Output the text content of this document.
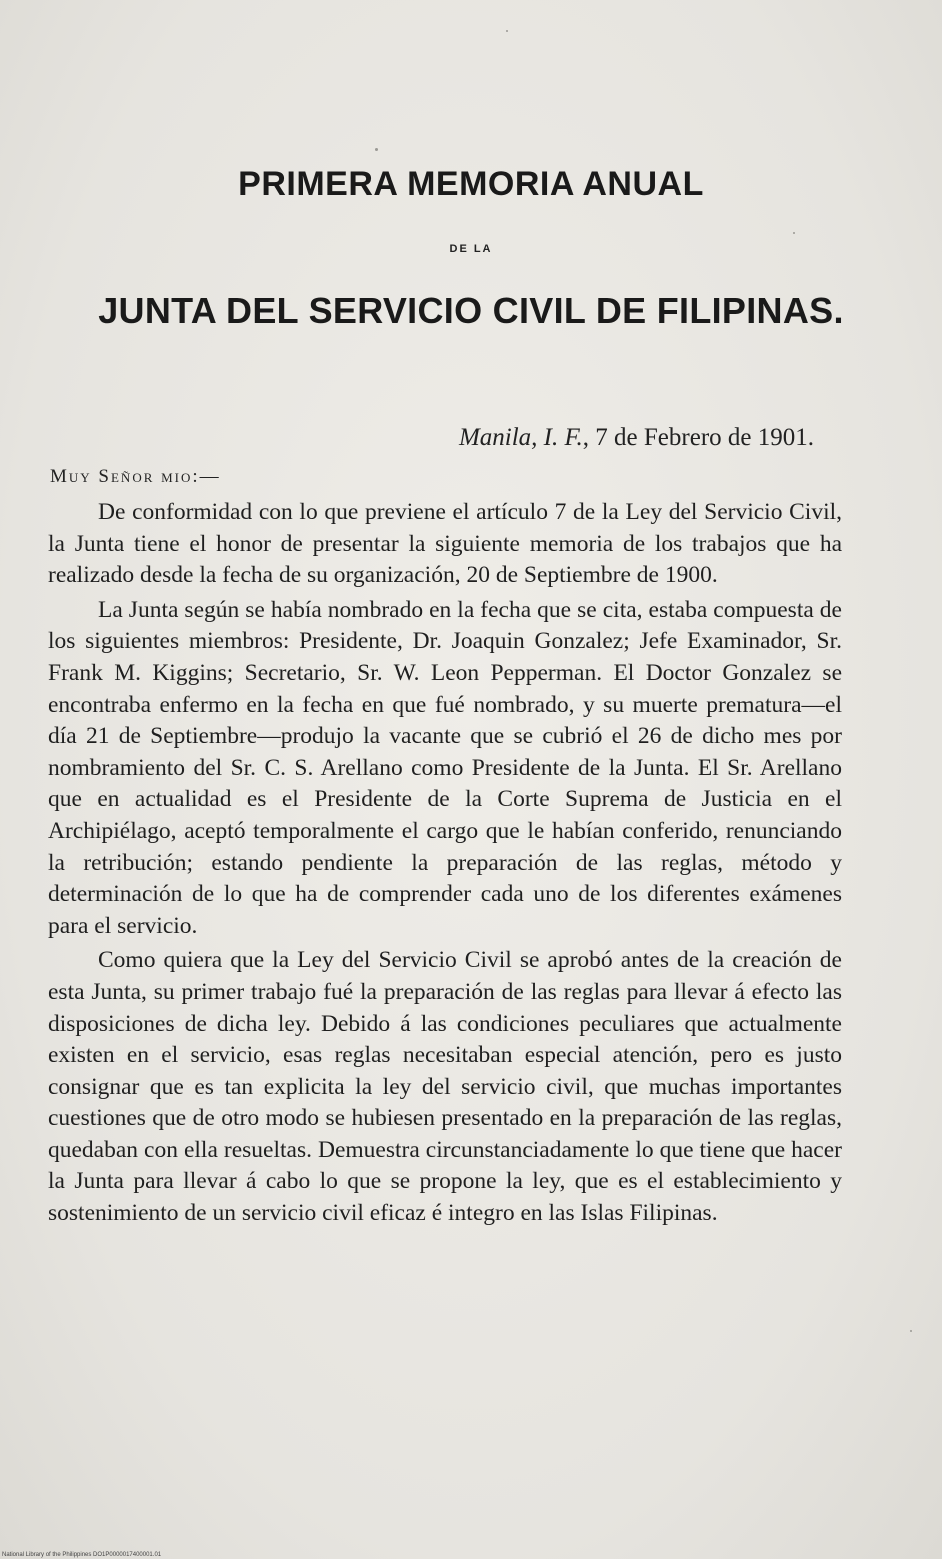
PRIMERA MEMORIA ANUAL
DE LA
JUNTA DEL SERVICIO CIVIL DE FILIPINAS.
Manila, I. F., 7 de Febrero de 1901.
Muy Señor mio:—

De conformidad con lo que previene el artículo 7 de la Ley del Servicio Civil, la Junta tiene el honor de presentar la siguiente memoria de los trabajos que ha realizado desde la fecha de su organización, 20 de Septiembre de 1900.

La Junta según se había nombrado en la fecha que se cita, estaba compuesta de los siguientes miembros: Presidente, Dr. Joaquin Gonzalez; Jefe Examinador, Sr. Frank M. Kiggins; Secretario, Sr. W. Leon Pepperman. El Doctor Gonzalez se encontraba enfermo en la fecha en que fué nombrado, y su muerte prematura—el día 21 de Septiembre—produjo la vacante que se cubrió el 26 de dicho mes por nombramiento del Sr. C. S. Arellano como Presidente de la Junta. El Sr. Arellano que en actualidad es el Presidente de la Corte Suprema de Justicia en el Archipiélago, aceptó temporalmente el cargo que le habían conferido, renunciando la retribución; estando pendiente la preparación de las reglas, método y determinación de lo que ha de comprender cada uno de los diferentes exámenes para el servicio.

Como quiera que la Ley del Servicio Civil se aprobó antes de la creación de esta Junta, su primer trabajo fué la preparación de las reglas para llevar á efecto las disposiciones de dicha ley. Debido á las condiciones peculiares que actualmente existen en el servicio, esas reglas necesitaban especial atención, pero es justo consignar que es tan explicita la ley del servicio civil, que muchas importantes cuestiones que de otro modo se hubiesen presentado en la preparación de las reglas, quedaban con ella resueltas. Demuestra circunstanciadamente lo que tiene que hacer la Junta para llevar á cabo lo que se propone la ley, que es el establecimiento y sostenimiento de un servicio civil eficaz é integro en las Islas Filipinas.

National Library of the Philippines DO1P0000017400001.01
